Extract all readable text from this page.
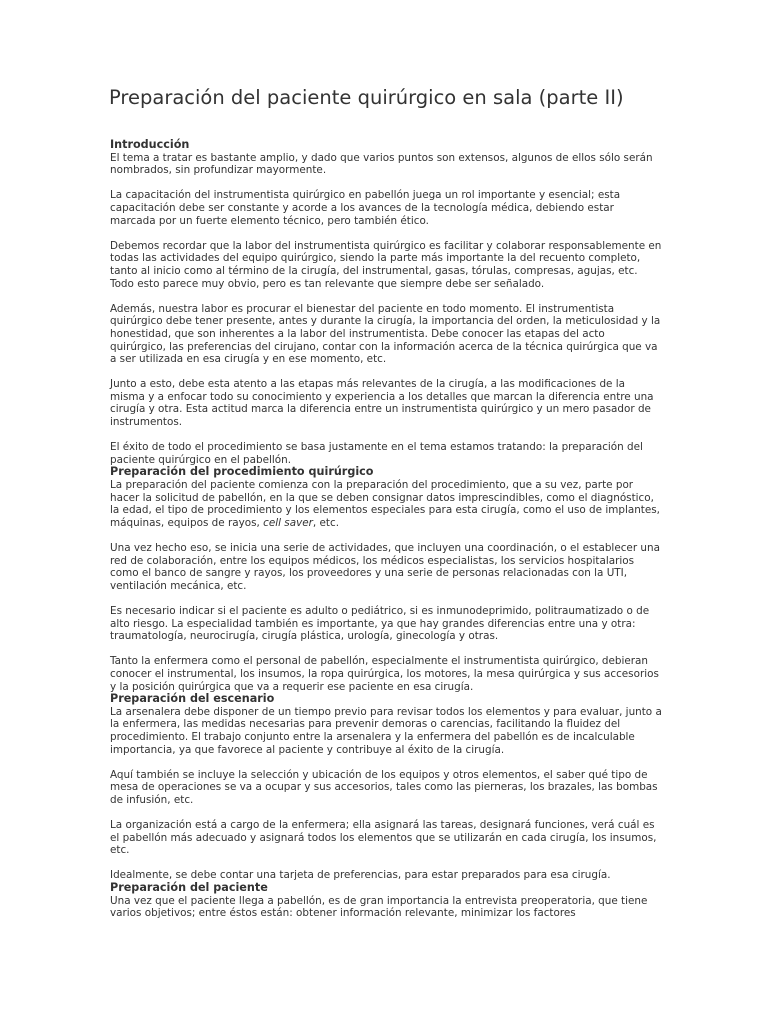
Preparación del paciente quirúrgico en sala (parte II)
Introducción

El tema a tratar es bastante amplio, y dado que varios puntos son extensos, algunos de ellos sólo serán nombrados, sin profundizar mayormente.

La capacitación del instrumentista quirúrgico en pabellón juega un rol importante y esencial; esta capacitación debe ser constante y acorde a los avances de la tecnología médica, debiendo estar marcada por un fuerte elemento técnico, pero también ético.

Debemos recordar que la labor del instrumentista quirúrgico es facilitar y colaborar responsablemente en todas las actividades del equipo quirúrgico, siendo la parte más importante la del recuento completo, tanto al inicio como al término de la cirugía, del instrumental, gasas, tórulas, compresas, agujas, etc. Todo esto parece muy obvio, pero es tan relevante que siempre debe ser señalado.

Además, nuestra labor es procurar el bienestar del paciente en todo momento. El instrumentista quirúrgico debe tener presente, antes y durante la cirugía, la importancia del orden, la meticulosidad y la honestidad, que son inherentes a la labor del instrumentista. Debe conocer las etapas del acto quirúrgico, las preferencias del cirujano, contar con la información acerca de la técnica quirúrgica que va a ser utilizada en esa cirugía y en ese momento, etc.

Junto a esto, debe esta atento a las etapas más relevantes de la cirugía, a las modificaciones de la misma y a enfocar todo su conocimiento y experiencia a los detalles que marcan la diferencia entre una cirugía y otra. Esta actitud marca la diferencia entre un instrumentista quirúrgico y un mero pasador de instrumentos.

El éxito de todo el procedimiento se basa justamente en el tema estamos tratando: la preparación del paciente quirúrgico en el pabellón.

Preparación del procedimiento quirúrgico

La preparación del paciente comienza con la preparación del procedimiento, que a su vez, parte por hacer la solicitud de pabellón, en la que se deben consignar datos imprescindibles, como el diagnóstico, la edad, el tipo de procedimiento y los elementos especiales para esta cirugía, como el uso de implantes, máquinas, equipos de rayos, cell saver, etc.

Una vez hecho eso, se inicia una serie de actividades, que incluyen una coordinación, o el establecer una red de colaboración, entre los equipos médicos, los médicos especialistas, los servicios hospitalarios como el banco de sangre y rayos, los proveedores y una serie de personas relacionadas con la UTI, ventilación mecánica, etc.

Es necesario indicar si el paciente es adulto o pediátrico, si es inmunodeprimido, politraumatizado o de alto riesgo. La especialidad también es importante, ya que hay grandes diferencias entre una y otra: traumatología, neurocirugía, cirugía plástica, urología, ginecología y otras.

Tanto la enfermera como el personal de pabellón, especialmente el instrumentista quirúrgico, debieran conocer el instrumental, los insumos, la ropa quirúrgica, los motores, la mesa quirúrgica y sus accesorios y la posición quirúrgica que va a requerir ese paciente en esa cirugía.

Preparación del escenario

La arsenalera debe disponer de un tiempo previo para revisar todos los elementos y para evaluar, junto a la enfermera, las medidas necesarias para prevenir demoras o carencias, facilitando la fluidez del procedimiento. El trabajo conjunto entre la arsenalera y la enfermera del pabellón es de incalculable importancia, ya que favorece al paciente y contribuye al éxito de la cirugía.

Aquí también se incluye la selección y ubicación de los equipos y otros elementos, el saber qué tipo de mesa de operaciones se va a ocupar y sus accesorios, tales como las pierneras, los brazales, las bombas de infusión, etc.

La organización está a cargo de la enfermera; ella asignará las tareas, designará funciones, verá cuál es el pabellón más adecuado y asignará todos los elementos que se utilizarán en cada cirugía, los insumos, etc.

Idealmente, se debe contar una tarjeta de preferencias, para estar preparados para esa cirugía.

Preparación del paciente

Una vez que el paciente llega a pabellón, es de gran importancia la entrevista preoperatoria, que tiene varios objetivos; entre éstos están: obtener información relevante, minimizar los factores
